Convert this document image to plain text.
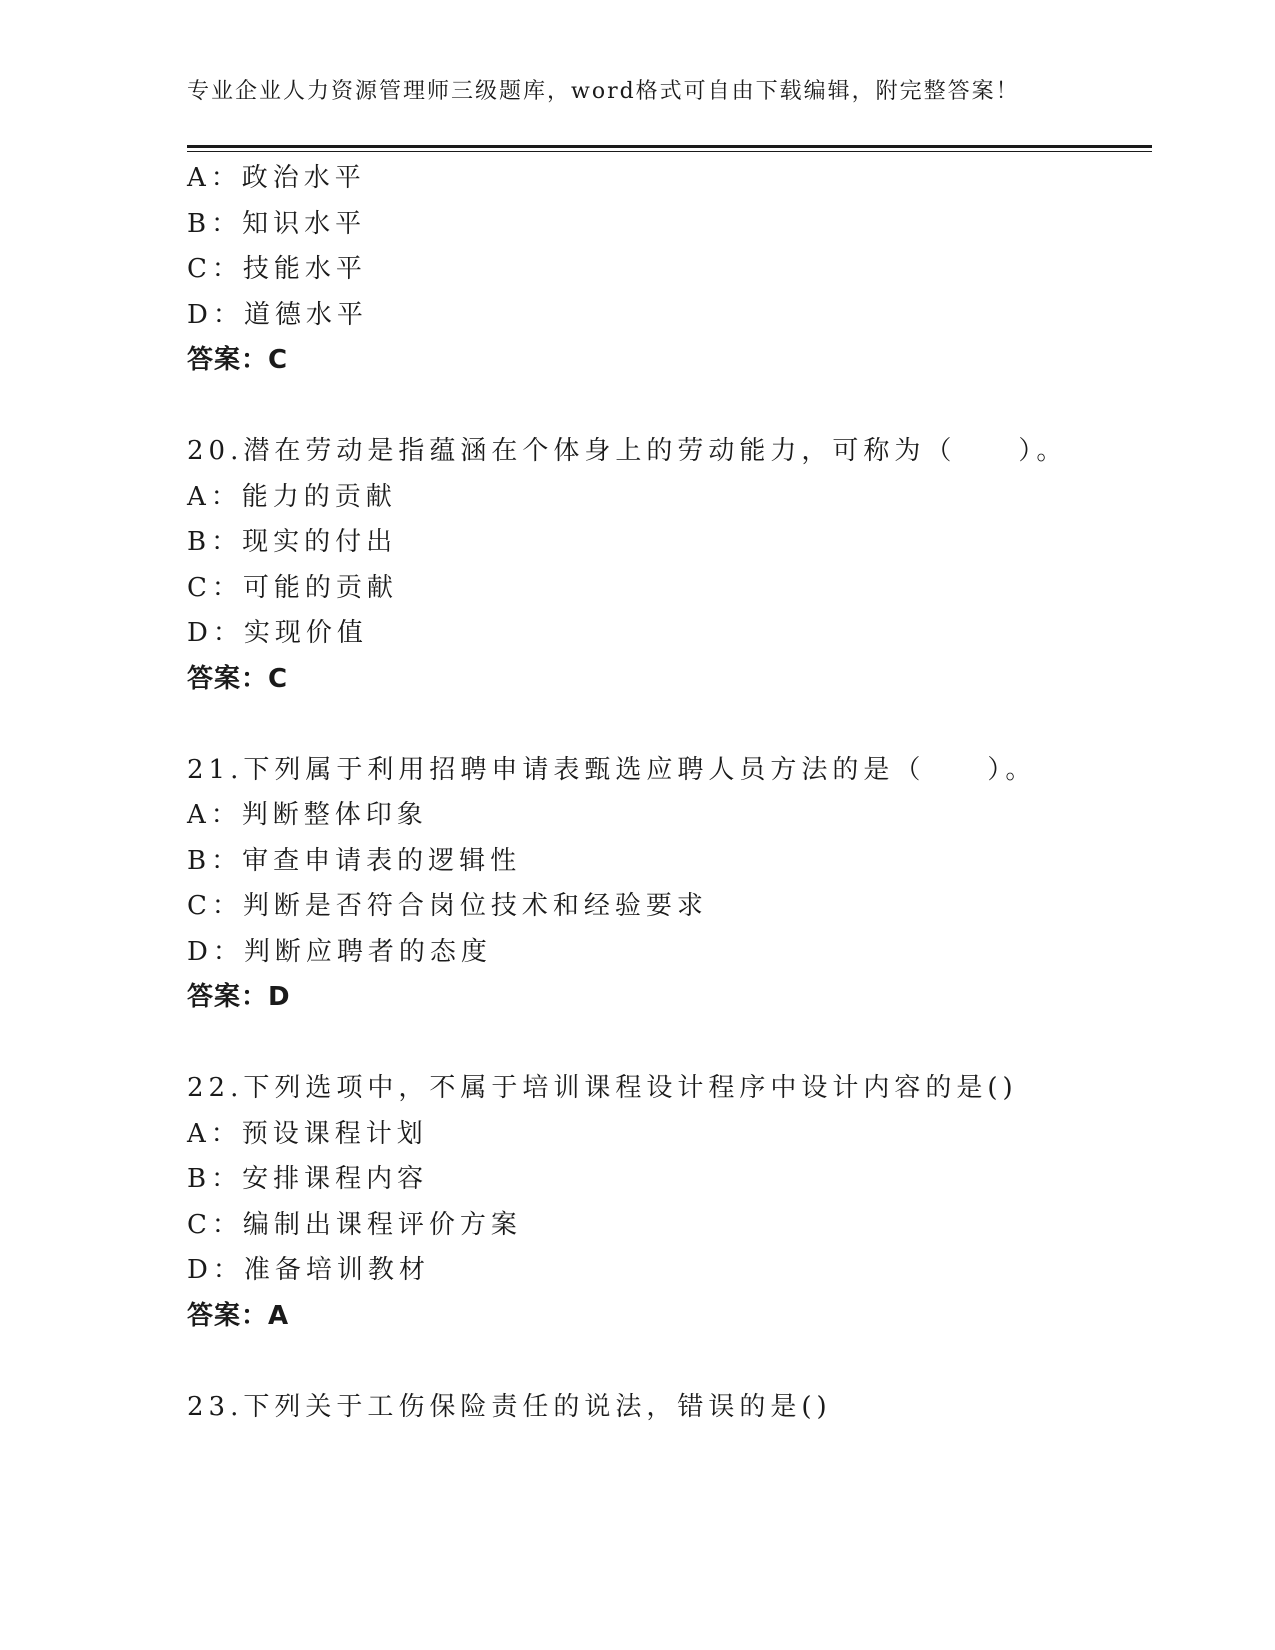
专业企业人力资源管理师三级题库，word格式可自由下载编辑，附完整答案！
A：政治水平
B：知识水平
C：技能水平
D：道德水平
答案：C
20.潜在劳动是指蕴涵在个体身上的劳动能力，可称为（　　）。
A：能力的贡献
B：现实的付出
C：可能的贡献
D：实现价值
答案：C
21.下列属于利用招聘申请表甄选应聘人员方法的是（　　）。
A：判断整体印象
B：审查申请表的逻辑性
C：判断是否符合岗位技术和经验要求
D：判断应聘者的态度
答案：D
22.下列选项中，不属于培训课程设计程序中设计内容的是()
A：预设课程计划
B：安排课程内容
C：编制出课程评价方案
D：准备培训教材
答案：A
23.下列关于工伤保险责任的说法，错误的是()
